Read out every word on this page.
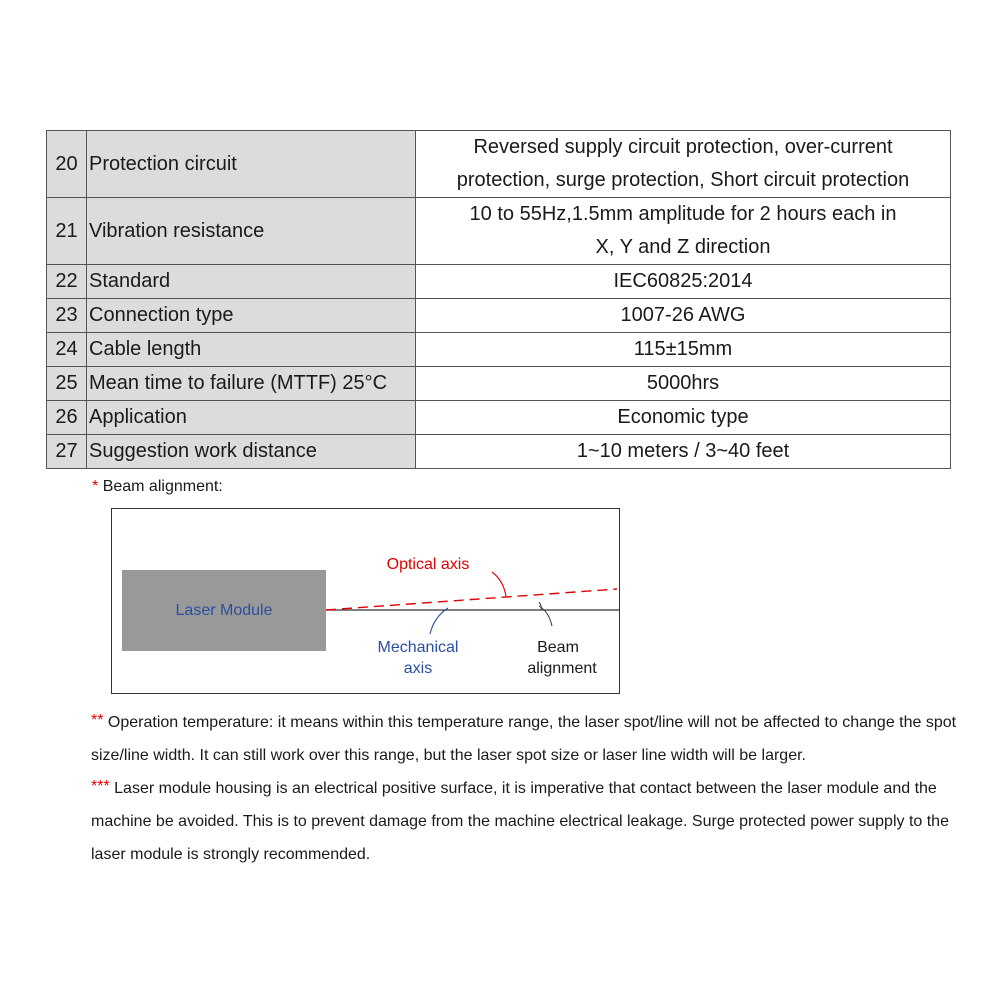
20	Protection circuit	Reversed supply circuit protection, over-current
protection, surge protection, Short circuit protection

21	Vibration resistance	10 to 55Hz,1.5mm amplitude for 2 hours each in
X, Y and Z direction

22	Standard	IEC60825:2014

23	Connection type	1007-26 AWG

24	Cable length	115±15mm

25	Mean time to failure (MTTF) 25°C	5000hrs

26	Application	Economic type

27	Suggestion work distance	1~10 meters / 3~40 feet
* Beam alignment:
Laser Module
Optical axis
Mechanical
axis
Beam
alignment
** Operation temperature: it means within this temperature range, the laser spot/line will not be affected to change the spot size/line width. It can still work over this range, but the laser spot size or laser line width will be larger.
*** Laser module housing is an electrical positive surface, it is imperative that contact between the laser module and the machine be avoided. This is to prevent damage from the machine electrical leakage. Surge protected power supply to the laser module is strongly recommended.
